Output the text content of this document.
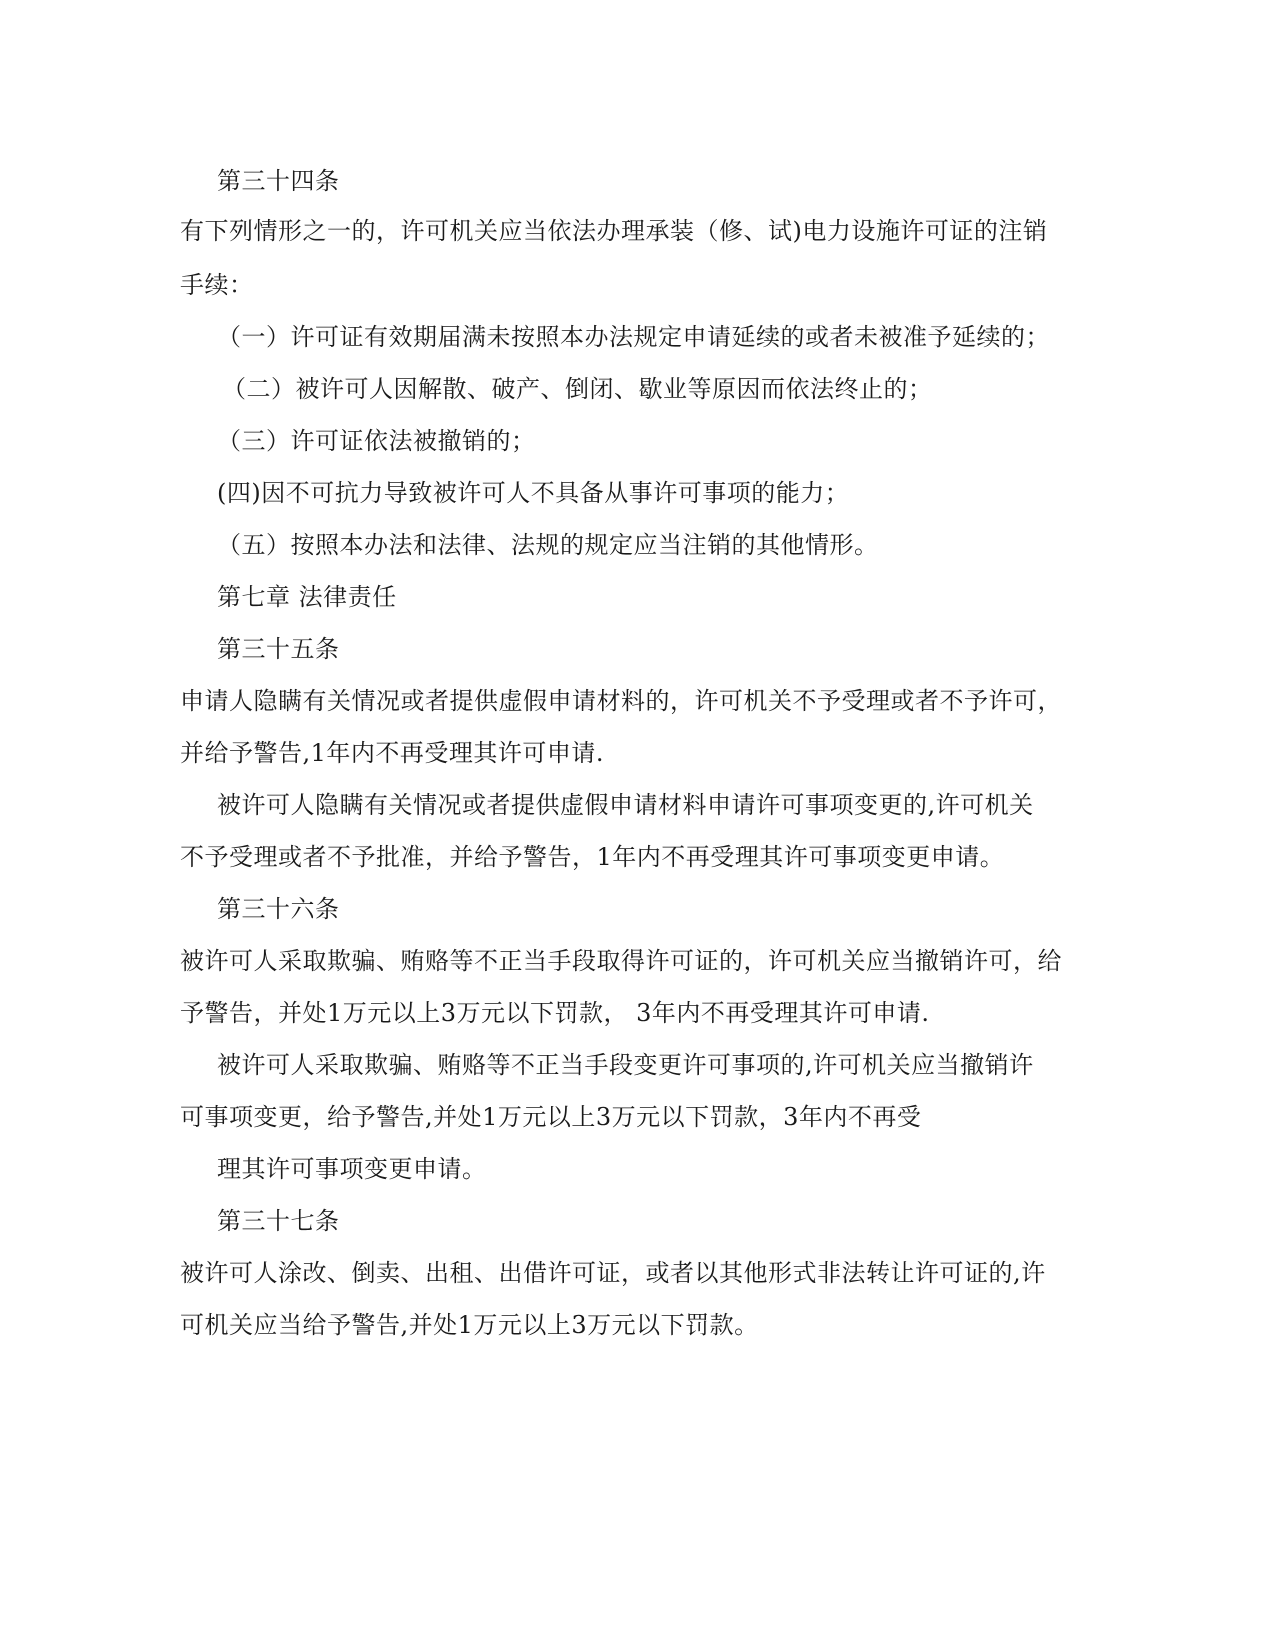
第三十四条

有下列情形之一的，许可机关应当依法办理承装（修、试)电力设施许可证的注销

手续：

（一）许可证有效期届满未按照本办法规定申请延续的或者未被准予延续的；

（二）被许可人因解散、破产、倒闭、歇业等原因而依法终止的；

（三）许可证依法被撤销的；

(四)因不可抗力导致被许可人不具备从事许可事项的能力；

（五）按照本办法和法律、法规的规定应当注销的其他情形。

第七章 法律责任

第三十五条

申请人隐瞒有关情况或者提供虚假申请材料的，许可机关不予受理或者不予许可，

并给予警告,1年内不再受理其许可申请.

被许可人隐瞒有关情况或者提供虚假申请材料申请许可事项变更的,许可机关

不予受理或者不予批准，并给予警告，1年内不再受理其许可事项变更申请。

第三十六条

被许可人采取欺骗、贿赂等不正当手段取得许可证的，许可机关应当撤销许可，给

予警告，并处1万元以上3万元以下罚款， 3年内不再受理其许可申请.

被许可人采取欺骗、贿赂等不正当手段变更许可事项的,许可机关应当撤销许

可事项变更，给予警告,并处1万元以上3万元以下罚款，3年内不再受

理其许可事项变更申请。

第三十七条

被许可人涂改、倒卖、出租、出借许可证，或者以其他形式非法转让许可证的,许

可机关应当给予警告,并处1万元以上3万元以下罚款。
